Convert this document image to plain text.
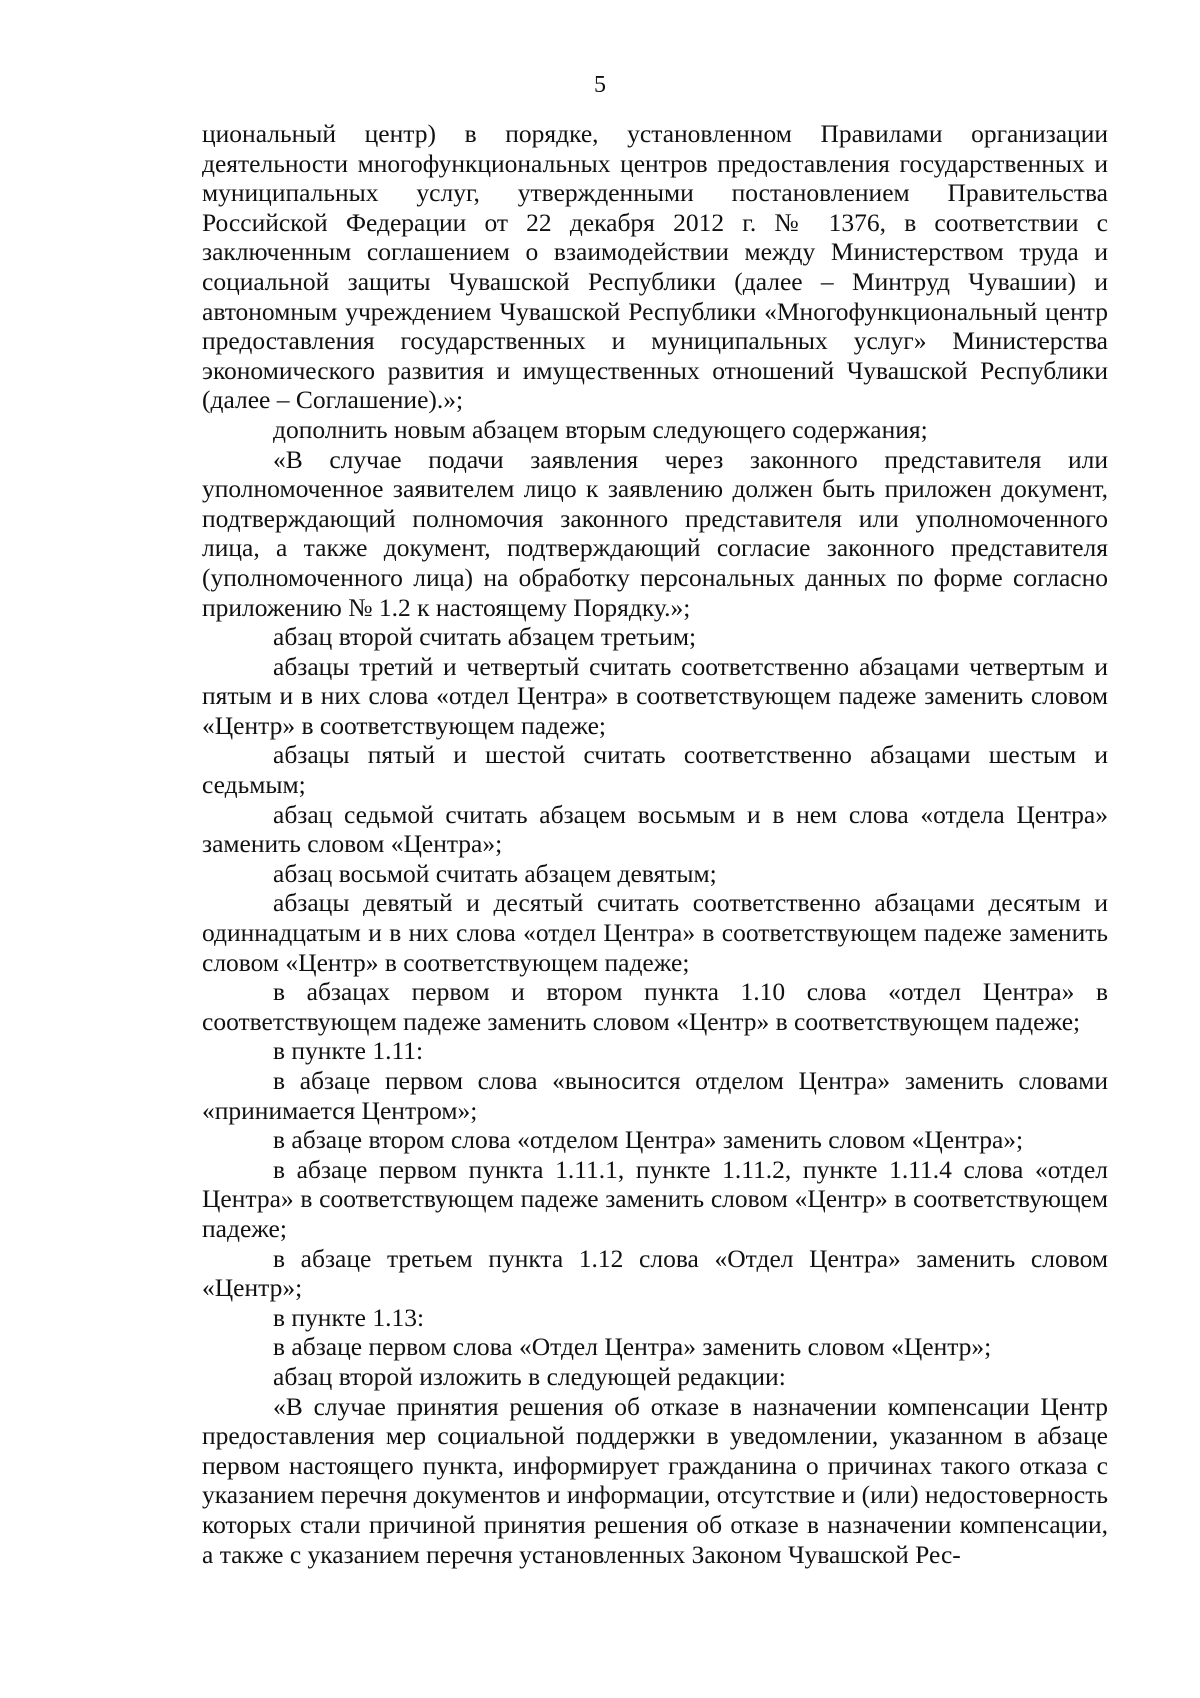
5

циональный центр) в порядке, установленном Правилами организации деятельности многофункциональных центров предоставления государственных и муниципальных услуг, утвержденными постановлением Правительства Российской Федерации от 22 декабря 2012 г. № 1376, в соответствии с заключенным соглашением о взаимодействии между Министерством труда и социальной защиты Чувашской Республики (далее – Минтруд Чувашии) и автономным учреждением Чувашской Республики «Многофункциональный центр предоставления государственных и муниципальных услуг» Министерства экономического развития и имущественных отношений Чувашской Республики (далее – Соглашение).»;

дополнить новым абзацем вторым следующего содержания;

«В случае подачи заявления через законного представителя или уполномоченное заявителем лицо к заявлению должен быть приложен документ, подтверждающий полномочия законного представителя или уполномоченного лица, а также документ, подтверждающий согласие законного представителя (уполномоченного лица) на обработку персональных данных по форме согласно приложению № 1.2 к настоящему Порядку.»;

абзац второй считать абзацем третьим;

абзацы третий и четвертый считать соответственно абзацами четвертым и пятым и в них слова «отдел Центра» в соответствующем падеже заменить словом «Центр» в соответствующем падеже;

абзацы пятый и шестой считать соответственно абзацами шестым и седьмым;

абзац седьмой считать абзацем восьмым и в нем слова «отдела Центра» заменить словом «Центра»;

абзац восьмой считать абзацем девятым;

абзацы девятый и десятый считать соответственно абзацами десятым и одиннадцатым и в них слова «отдел Центра» в соответствующем падеже заменить словом «Центр» в соответствующем падеже;

в абзацах первом и втором пункта 1.10 слова «отдел Центра» в соответствующем падеже заменить словом «Центр» в соответствующем падеже;

в пункте 1.11:

в абзаце первом слова «выносится отделом Центра» заменить словами «принимается Центром»;

в абзаце втором слова «отделом Центра» заменить словом «Центра»;

в абзаце первом пункта 1.11.1, пункте 1.11.2, пункте 1.11.4 слова «отдел Центра» в соответствующем падеже заменить словом «Центр» в соответствующем падеже;

в абзаце третьем пункта 1.12 слова «Отдел Центра» заменить словом «Центр»;

в пункте 1.13:

в абзаце первом слова «Отдел Центра» заменить словом «Центр»;

абзац второй изложить в следующей редакции:

«В случае принятия решения об отказе в назначении компенсации Центр предоставления мер социальной поддержки в уведомлении, указанном в абзаце первом настоящего пункта, информирует гражданина о причинах такого отказа с указанием перечня документов и информации, отсутствие и (или) недостоверность которых стали причиной принятия решения об отказе в назначении компенсации, а также с указанием перечня установленных Законом Чувашской Рес-
